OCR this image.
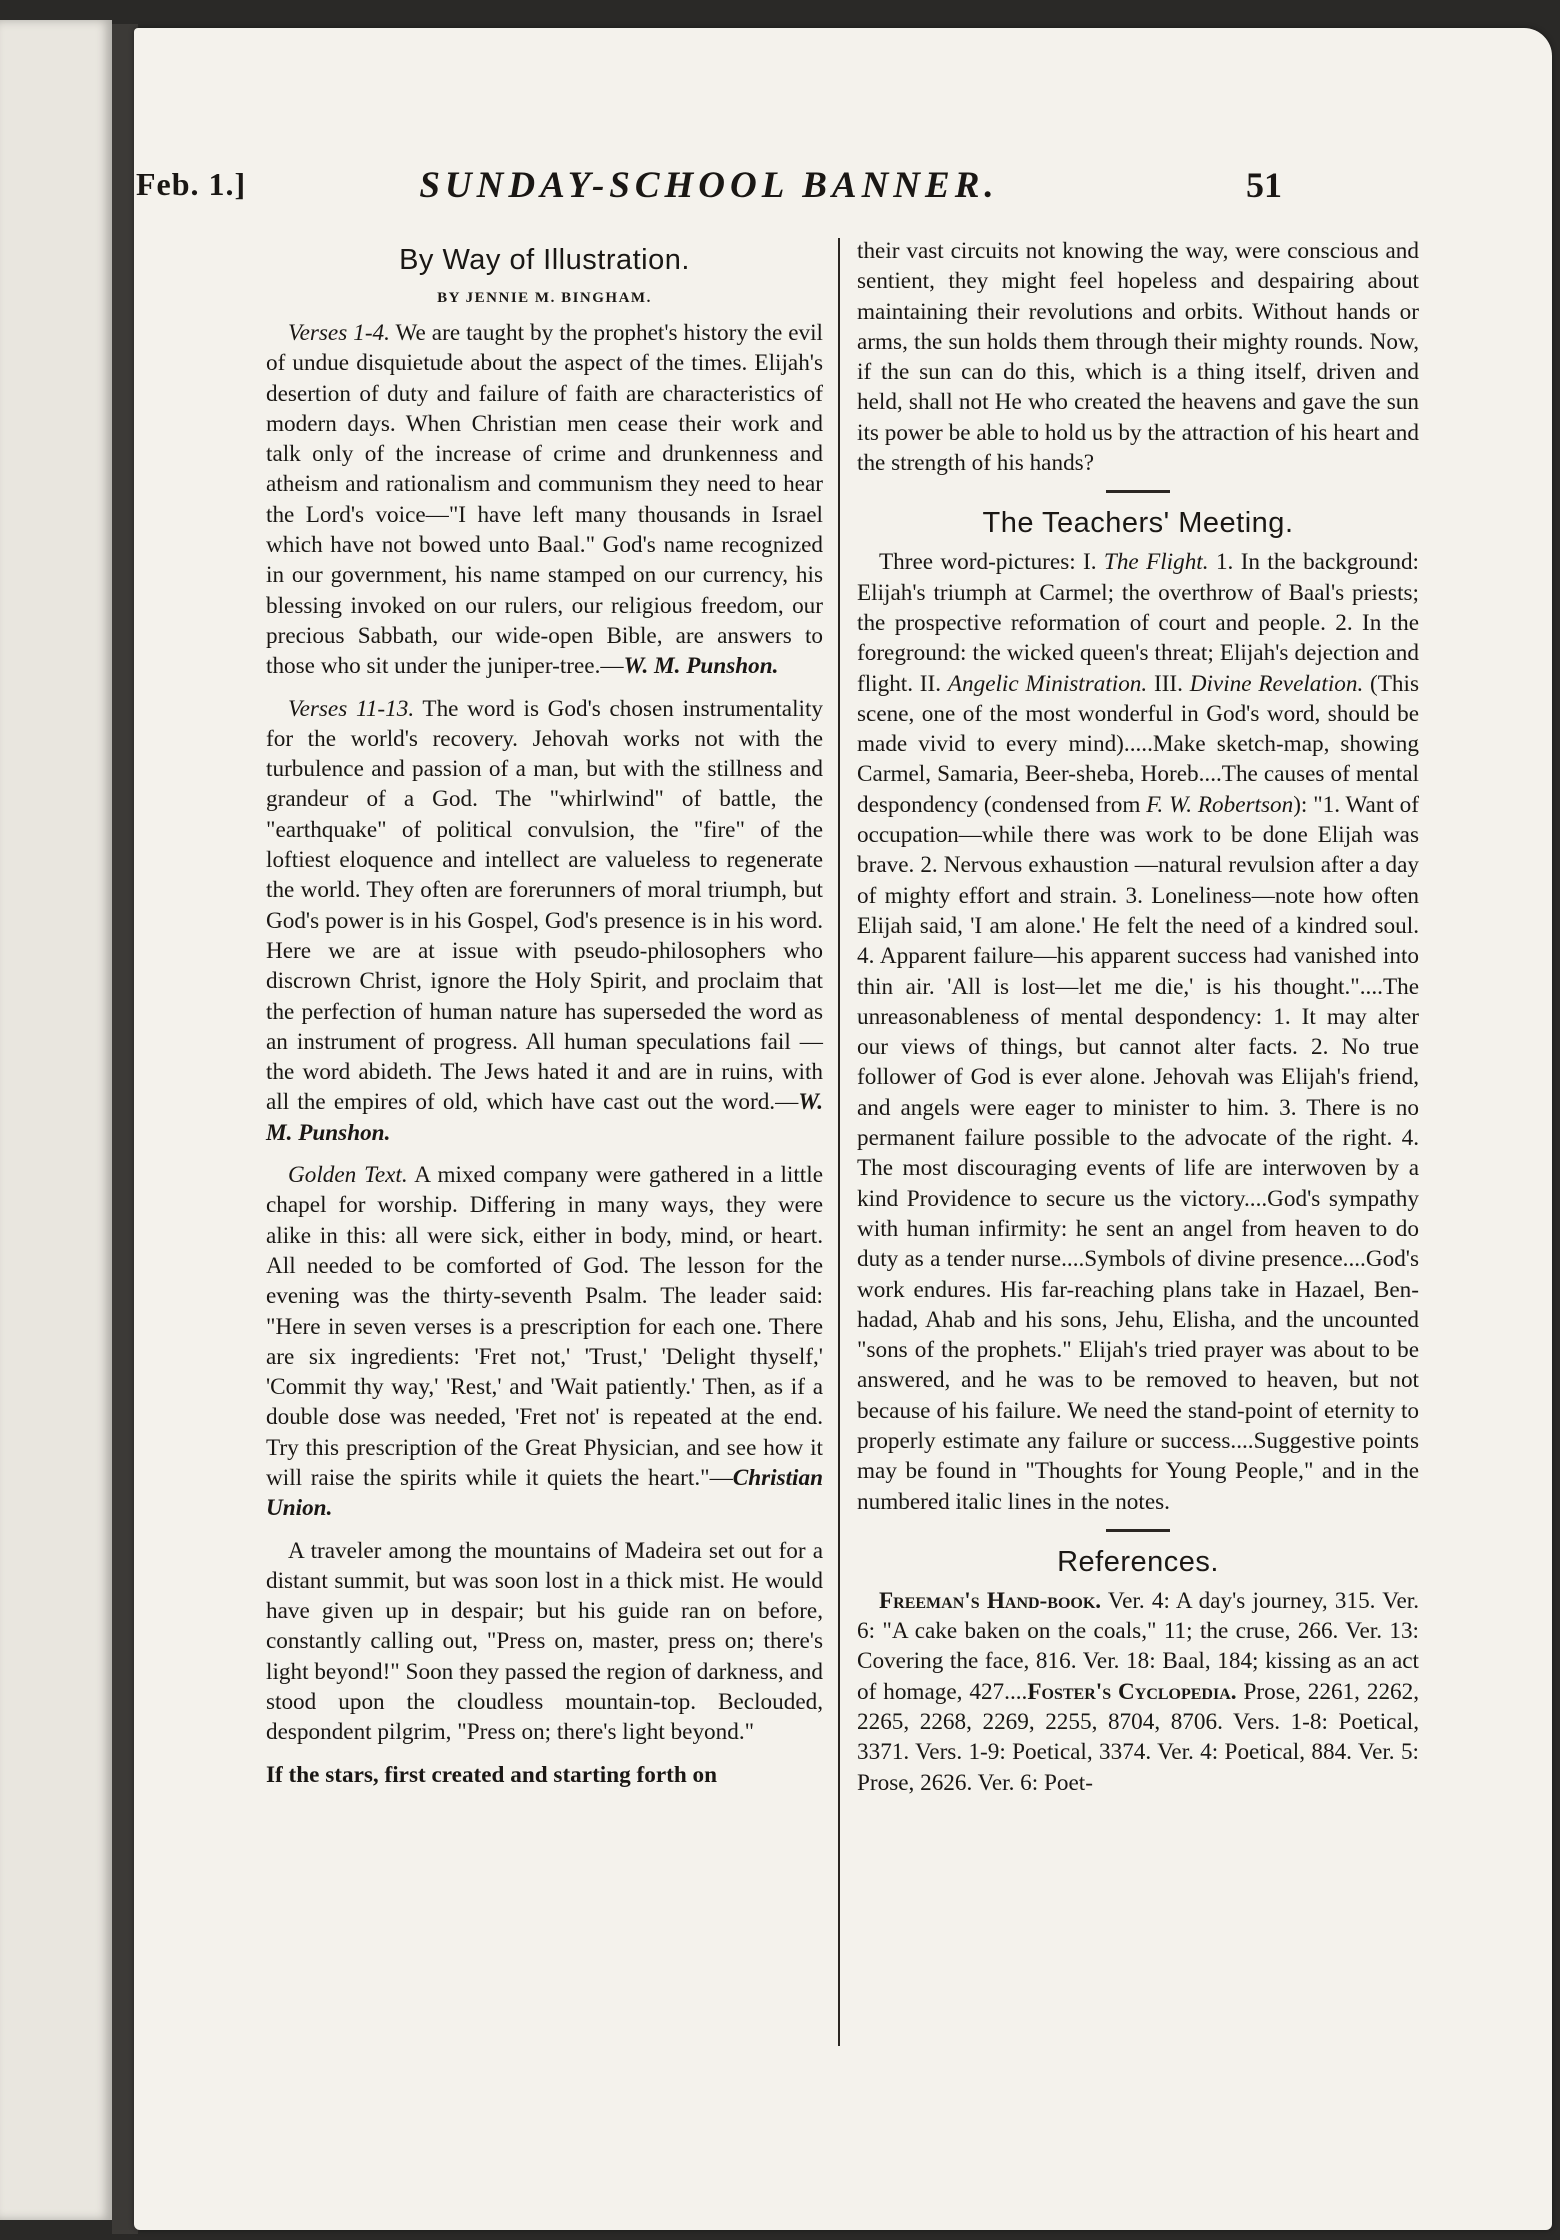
Feb. 1.]	SUNDAY-SCHOOL BANNER.	51
By Way of Illustration.
BY JENNIE M. BINGHAM.

Verses 1-4. We are taught by the prophet's history the evil of undue disquietude about the aspect of the times. Elijah's desertion of duty and failure of faith are characteristics of modern days. When Christian men cease their work and talk only of the increase of crime and drunkenness and atheism and rationalism and communism they need to hear the Lord's voice—"I have left many thousands in Israel which have not bowed unto Baal." God's name recognized in our government, his name stamped on our currency, his blessing invoked on our rulers, our religious freedom, our precious Sabbath, our wide-open Bible, are answers to those who sit under the juniper-tree.—W. M. Punshon.

Verses 11-13. The word is God's chosen instrumentality for the world's recovery. Jehovah works not with the turbulence and passion of a man, but with the stillness and grandeur of a God. The "whirlwind" of battle, the "earthquake" of political convulsion, the "fire" of the loftiest eloquence and intellect are valueless to regenerate the world. They often are forerunners of moral triumph, but God's power is in his Gospel, God's presence is in his word. Here we are at issue with pseudo-philosophers who discrown Christ, ignore the Holy Spirit, and proclaim that the perfection of human nature has superseded the word as an instrument of progress. All human speculations fail —the word abideth. The Jews hated it and are in ruins, with all the empires of old, which have cast out the word.—W. M. Punshon.

Golden Text. A mixed company were gathered in a little chapel for worship. Differing in many ways, they were alike in this: all were sick, either in body, mind, or heart. All needed to be comforted of God. The lesson for the evening was the thirty-seventh Psalm. The leader said: "Here in seven verses is a prescription for each one. There are six ingredients: 'Fret not,' 'Trust,' 'Delight thyself,' 'Commit thy way,' 'Rest,' and 'Wait patiently.' Then, as if a double dose was needed, 'Fret not' is repeated at the end. Try this prescription of the Great Physician, and see how it will raise the spirits while it quiets the heart."—Christian Union.

A traveler among the mountains of Madeira set out for a distant summit, but was soon lost in a thick mist. He would have given up in despair; but his guide ran on before, constantly calling out, "Press on, master, press on; there's light beyond!" Soon they passed the region of darkness, and stood upon the cloudless mountain-top. Beclouded, despondent pilgrim, "Press on; there's light beyond."

If the stars, first created and starting forth on

their vast circuits not knowing the way, were conscious and sentient, they might feel hopeless and despairing about maintaining their revolutions and orbits. Without hands or arms, the sun holds them through their mighty rounds. Now, if the sun can do this, which is a thing itself, driven and held, shall not He who created the heavens and gave the sun its power be able to hold us by the attraction of his heart and the strength of his hands?

The Teachers' Meeting.

Three word-pictures: I. The Flight. 1. In the background: Elijah's triumph at Carmel; the overthrow of Baal's priests; the prospective reformation of court and people. 2. In the foreground: the wicked queen's threat; Elijah's dejection and flight. II. Angelic Ministration. III. Divine Revelation. (This scene, one of the most wonderful in God's word, should be made vivid to every mind).....Make sketch-map, showing Carmel, Samaria, Beer-sheba, Horeb....The causes of mental despondency (condensed from F. W. Robertson): "1. Want of occupation—while there was work to be done Elijah was brave. 2. Nervous exhaustion —natural revulsion after a day of mighty effort and strain. 3. Loneliness—note how often Elijah said, 'I am alone.' He felt the need of a kindred soul. 4. Apparent failure—his apparent success had vanished into thin air. 'All is lost—let me die,' is his thought."....The unreasonableness of mental despondency: 1. It may alter our views of things, but cannot alter facts. 2. No true follower of God is ever alone. Jehovah was Elijah's friend, and angels were eager to minister to him. 3. There is no permanent failure possible to the advocate of the right. 4. The most discouraging events of life are interwoven by a kind Providence to secure us the victory....God's sympathy with human infirmity: he sent an angel from heaven to do duty as a tender nurse....Symbols of divine presence....God's work endures. His far-reaching plans take in Hazael, Ben-hadad, Ahab and his sons, Jehu, Elisha, and the uncounted "sons of the prophets." Elijah's tried prayer was about to be answered, and he was to be removed to heaven, but not because of his failure. We need the stand-point of eternity to properly estimate any failure or success....Suggestive points may be found in "Thoughts for Young People," and in the numbered italic lines in the notes.

References.

Freeman's Hand-book. Ver. 4: A day's journey, 315. Ver. 6: "A cake baken on the coals," 11; the cruse, 266. Ver. 13: Covering the face, 816. Ver. 18: Baal, 184; kissing as an act of homage, 427....Foster's Cyclopedia. Prose, 2261, 2262, 2265, 2268, 2269, 2255, 8704, 8706. Vers. 1-8: Poetical, 3371. Vers. 1-9: Poetical, 3374. Ver. 4: Poetical, 884. Ver. 5: Prose, 2626. Ver. 6: Poet-
